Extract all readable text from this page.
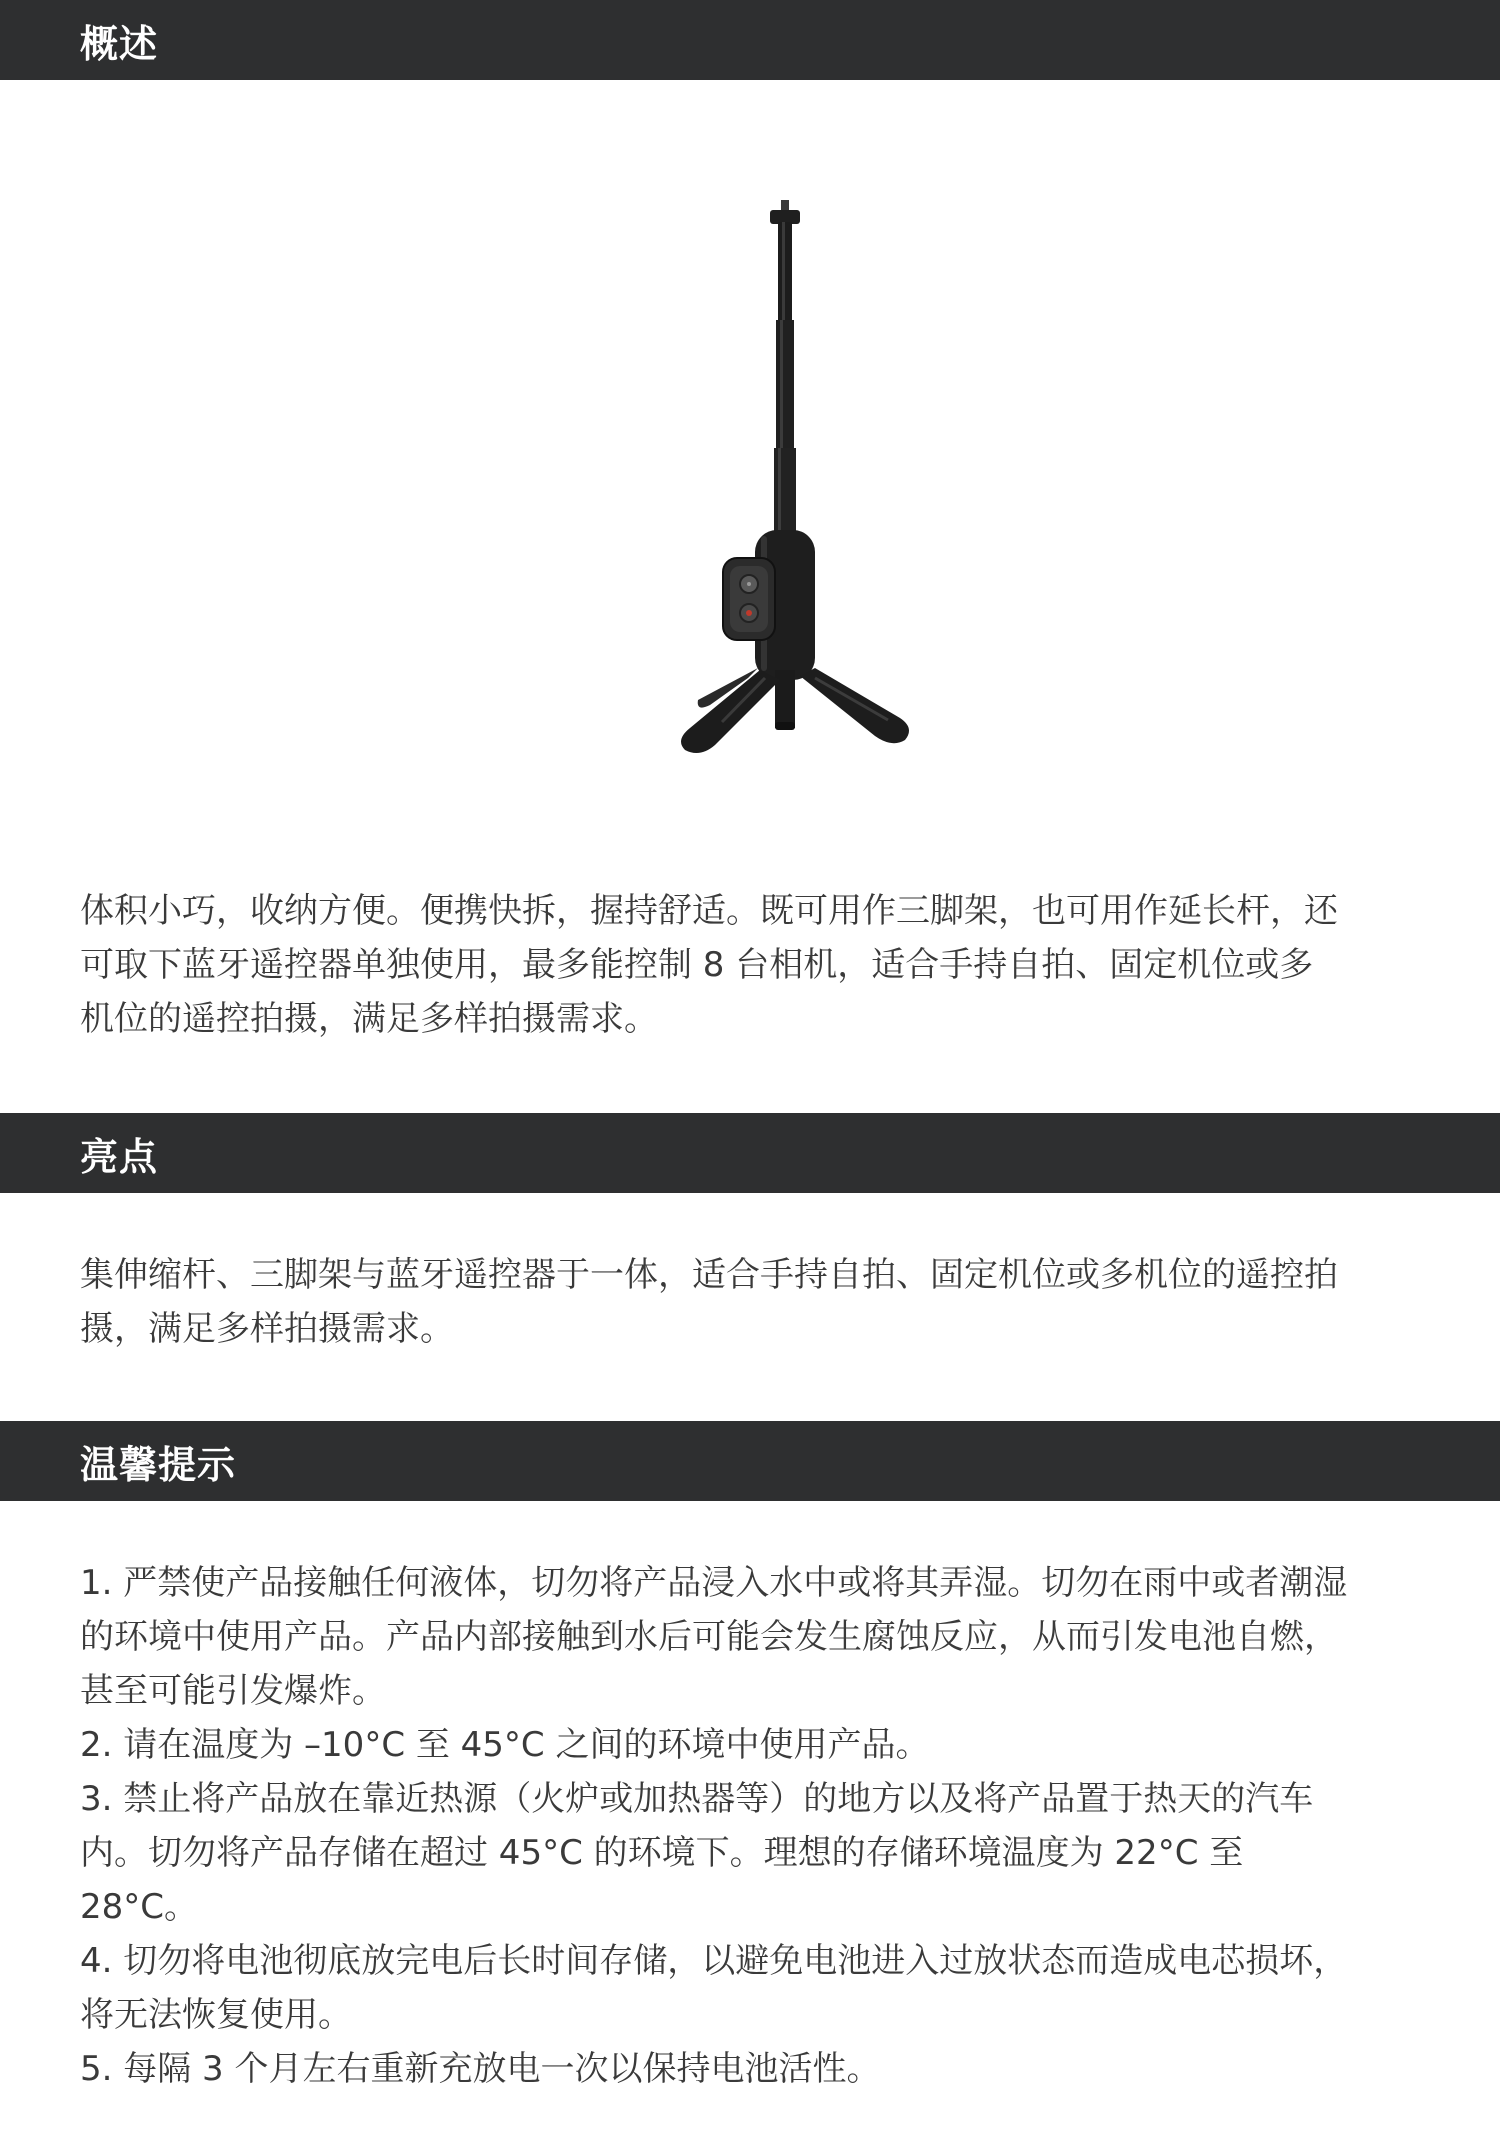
概述
体积小巧，收纳方便。便携快拆，握持舒适。既可用作三脚架，也可用作延长杆，还
可取下蓝牙遥控器单独使用，最多能控制 8 台相机，适合手持自拍、固定机位或多
机位的遥控拍摄，满足多样拍摄需求。
亮点
集伸缩杆、三脚架与蓝牙遥控器于一体，适合手持自拍、固定机位或多机位的遥控拍
摄，满足多样拍摄需求。
温馨提示
1. 严禁使产品接触任何液体，切勿将产品浸入水中或将其弄湿。切勿在雨中或者潮湿
的环境中使用产品。产品内部接触到水后可能会发生腐蚀反应，从而引发电池自燃，
甚至可能引发爆炸。
2. 请在温度为 –10°C 至 45°C 之间的环境中使用产品。
3. 禁止将产品放在靠近热源（火炉或加热器等）的地方以及将产品置于热天的汽车
内。切勿将产品存储在超过 45°C 的环境下。理想的存储环境温度为 22°C 至
28°C。
4. 切勿将电池彻底放完电后长时间存储，以避免电池进入过放状态而造成电芯损坏，
将无法恢复使用。
5. 每隔 3 个月左右重新充放电一次以保持电池活性。
